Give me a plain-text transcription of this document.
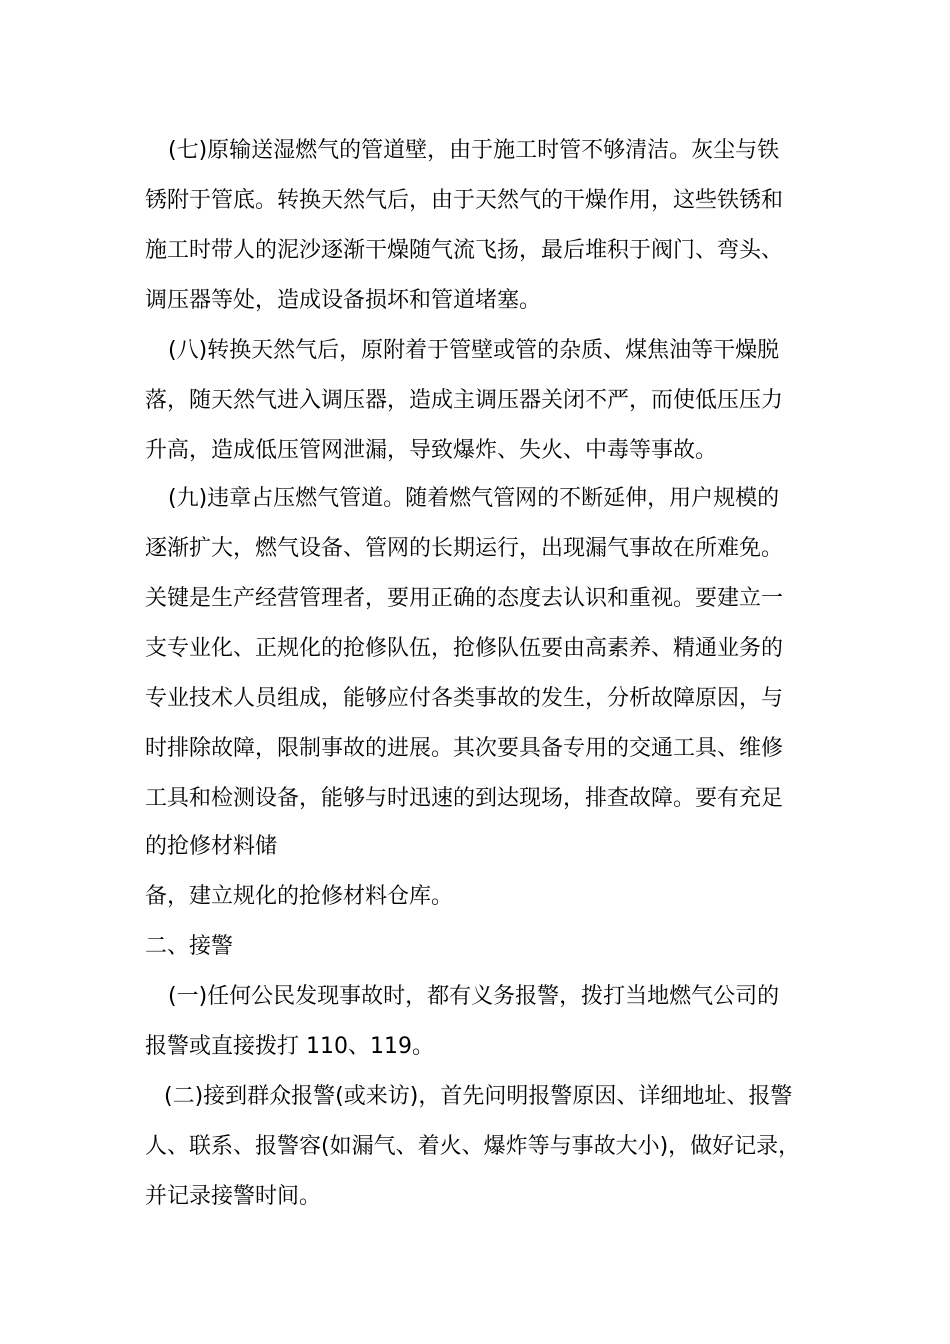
(七)原输送湿燃气的管道壁，由于施工时管不够清洁。灰尘与铁
锈附于管底。转换天然气后，由于天然气的干燥作用，这些铁锈和
施工时带人的泥沙逐渐干燥随气流飞扬，最后堆积于阀门、弯头、
调压器等处，造成设备损坏和管道堵塞。
(八)转换天然气后，原附着于管壁或管的杂质、煤焦油等干燥脱
落，随天然气进入调压器，造成主调压器关闭不严，而使低压压力
升高，造成低压管网泄漏，导致爆炸、失火、中毒等事故。
(九)违章占压燃气管道。随着燃气管网的不断延伸，用户规模的
逐渐扩大，燃气设备、管网的长期运行，出现漏气事故在所难免。
关键是生产经营管理者，要用正确的态度去认识和重视。要建立一
支专业化、正规化的抢修队伍，抢修队伍要由高素养、精通业务的
专业技术人员组成，能够应付各类事故的发生，分析故障原因，与
时排除故障，限制事故的进展。其次要具备专用的交通工具、维修
工具和检测设备，能够与时迅速的到达现场，排查故障。要有充足
的抢修材料储
备，建立规化的抢修材料仓库。
二、接警
(一)任何公民发现事故时，都有义务报警，拨打当地燃气公司的
报警或直接拨打 110、119。
(二)接到群众报警(或来访)，首先问明报警原因、详细地址、报警
人、联系、报警容(如漏气、着火、爆炸等与事故大小)，做好记录，
并记录接警时间。
